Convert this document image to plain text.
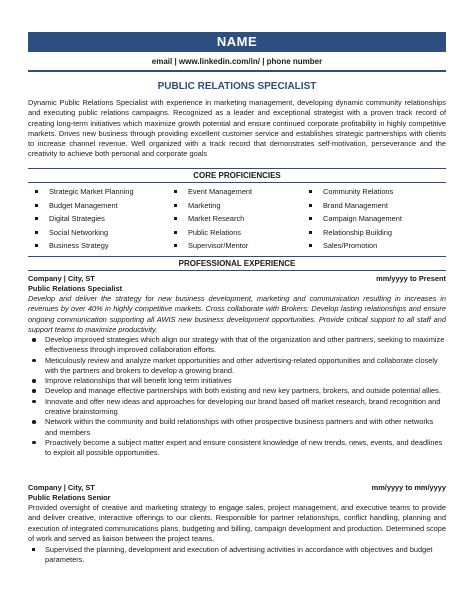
NAME
email | www.linkedin.com/in/ | phone number
PUBLIC RELATIONS SPECIALIST
Dynamic Public Relations Specialist with experience in marketing management, developing dynamic community relationships and executing public relations campaigns. Recognized as a leader and exceptional strategist with a proven track record of creating long-term initiatives which maximize growth potential and ensure continued corporate profitability in highly competitive markets. Drives new business through providing excellent customer service and establishes strategic partnerships with clients to increase channel revenue. Well organized with a track record that demonstrates self-motivation, perseverance and the creativity to achieve both personal and corporate goals
CORE PROFICIENCIES
Strategic Market Planning
Budget Management
Digital Strategies
Social Networking
Business Strategy
Event Management
Marketing
Market Research
Public Relations
Supervisor/Mentor
Community Relations
Brand Management
Campaign Management
Relationship Building
Sales/Promotion
PROFESSIONAL EXPERIENCE
Company | City, ST	mm/yyyy to Present
Public Relations Specialist
Develop and deliver the strategy for new business development, marketing and communication resulting in increases in revenues by over 40% in highly competitive markets. Cross collaborate with Brokers: Develop lasting relationships and ensure ongoing communication supporting all AWIS new business development opportunities. Provide critical support to all staff and support teams to maximize productivity.
Develop improved strategies which align our strategy with that of the organization and other partners, seeking to maximize effectiveness through improved collaboration efforts.
Meticulously review and analyze market opportunities and other advertising-related opportunities and collaborate closely with the partners and brokers to develop a growing brand.
Improve relationships that will benefit long term initiatives
Develop and manage effective partnerships with both existing and new key partners, brokers, and outside potential allies.
Innovate and offer new ideas and approaches for developing our brand based off market research, brand recognition and creative brainstorming
Network within the community and build relationships with other prospective business partners and with other networks and members
Proactively become a subject matter expert and ensure consistent knowledge of new trends, news, events, and deadlines to exploit all possible opportunities.
Company | City, ST	mm/yyyy to mm/yyyy
Public Relations Senior
Provided oversight of creative and marketing strategy to engage sales, project management, and executive teams to provide and deliver creative, interactive offerings to our clients. Responsible for partner relationships, conflict handling, planning and execution of integrated communications plans, budgeting and billing, campaign development and production. Determined scope of work and served as liaison between the project teams.
Supervised the planning, development and execution of advertising activities in accordance with objectives and budget parameters.
